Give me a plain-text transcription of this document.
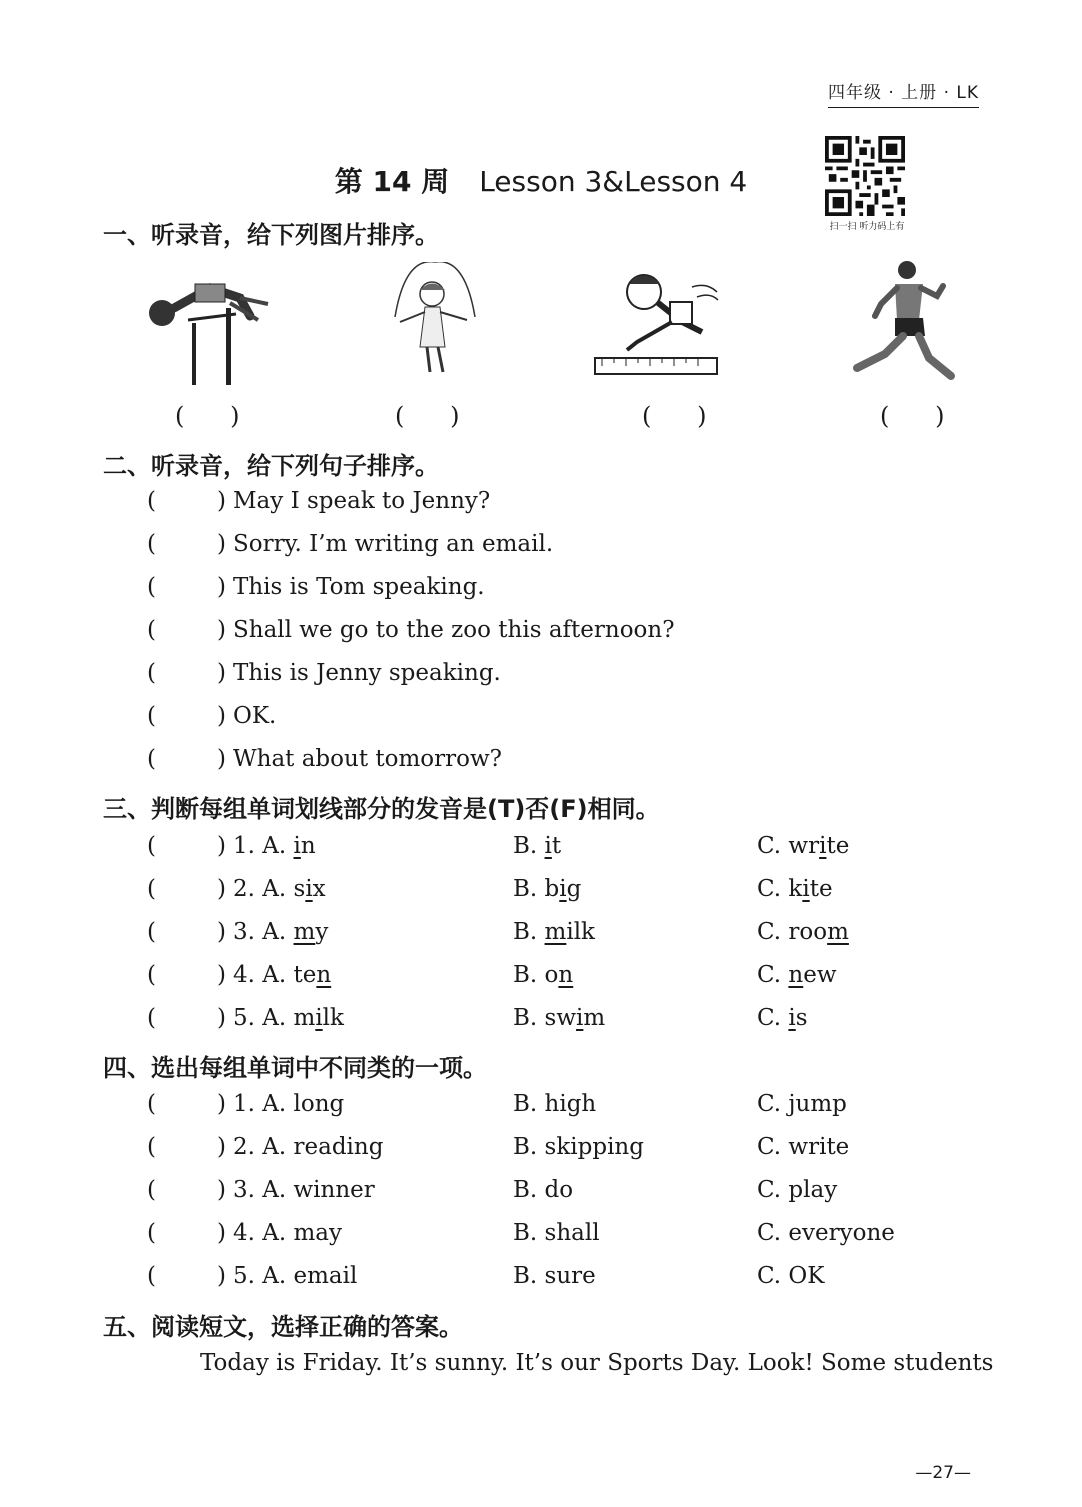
四年级 · 上册 · LK
第 14 周 Lesson 3&Lesson 4
扫一扫 听力码上有
一、听录音，给下列图片排序。
(      )	(      )	(      )	(      )
二、听录音，给下列句子排序。
(	) May I speak to Jenny?
(	) Sorry. I’m writing an email.
(	) This is Tom speaking.
(	) Shall we go to the zoo this afternoon?
(	) This is Jenny speaking.
(	) OK.
(	) What about tomorrow?
三、判断每组单词划线部分的发音是(T)否(F)相同。
(	) 1. A. in	B. it	C. write
(	) 2. A. six	B. big	C. kite
(	) 3. A. my	B. milk	C. room
(	) 4. A. ten	B. on	C. new
(	) 5. A. milk	B. swim	C. is
四、选出每组单词中不同类的一项。
(	) 1. A. long	B. high	C. jump
(	) 2. A. reading	B. skipping	C. write
(	) 3. A. winner	B. do	C. play
(	) 4. A. may	B. shall	C. everyone
(	) 5. A. email	B. sure	C. OK
五、阅读短文，选择正确的答案。
Today is Friday. It’s sunny. It’s our Sports Day. Look! Some students
—27—
